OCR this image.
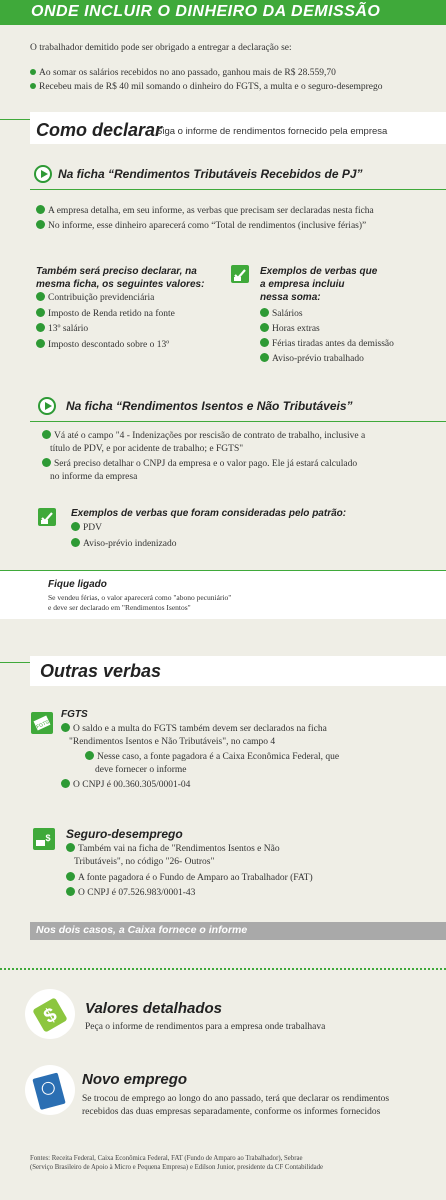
ONDE INCLUIR O DINHEIRO DA DEMISSÃO
O trabalhador demitido pode ser obrigado a entregar a declaração se:
Ao somar os salários recebidos no ano passado, ganhou mais de R$ 28.559,70
Recebeu mais de R$ 40 mil somando o dinheiro do FGTS, a multa e o seguro-desemprego
Como declarar
Siga o informe de rendimentos fornecido pela empresa
Na ficha “Rendimentos Tributáveis Recebidos de PJ”
A empresa detalha, em seu informe, as verbas que precisam ser declaradas nesta ficha
No informe, esse dinheiro aparecerá como “Total de rendimentos (inclusive férias)”
Também será preciso declarar, na
mesma ficha, os seguintes valores:
Contribuição previdenciária
Imposto de Renda retido na fonte
13º salário
Imposto descontado sobre o 13º
Exemplos de verbas que
a empresa incluiu
nessa soma:
Salários
Horas extras
Férias tiradas antes da demissão
Aviso-prévio trabalhado
Na ficha “Rendimentos Isentos e Não Tributáveis”
Vá até o campo "4 - Indenizações por rescisão de contrato de trabalho, inclusive a
título de PDV, e por acidente de trabalho; e FGTS"
Será preciso detalhar o CNPJ da empresa e o valor pago. Ele já estará calculado
no informe da empresa
Exemplos de verbas que foram consideradas pelo patrão:
PDV
Aviso-prévio indenizado
Fique ligado
Se vendeu férias, o valor aparecerá como "abono pecuniário"
e deve ser declarado em "Rendimentos Isentos"
Outras verbas
FGTS
FGTS
O saldo e a multa do FGTS também devem ser declarados na ficha
"Rendimentos Isentos e Não Tributáveis", no campo 4
Nesse caso, a fonte pagadora é a Caixa Econômica Federal, que
deve fornecer o informe
O CNPJ é 00.360.305/0001-04
$ Seguro-desemprego
Também vai na ficha de "Rendimentos Isentos e Não
Tributáveis", no código "26- Outros"
A fonte pagadora é o Fundo de Amparo ao Trabalhador (FAT)
O CNPJ é 07.526.983/0001-43
Nos dois casos, a Caixa fornece o informe
$ Valores detalhados
Peça o informe de rendimentos para a empresa onde trabalhava
Novo emprego
Se trocou de emprego ao longo do ano passado, terá que declarar os rendimentos
recebidos das duas empresas separadamente, conforme os informes fornecidos
Fontes: Receita Federal, Caixa Econômica Federal, FAT (Fundo de Amparo ao Trabalhador), Sebrae
(Serviço Brasileiro de Apoio à Micro e Pequena Empresa) e Edilson Junior, presidente da CF Contabilidade
